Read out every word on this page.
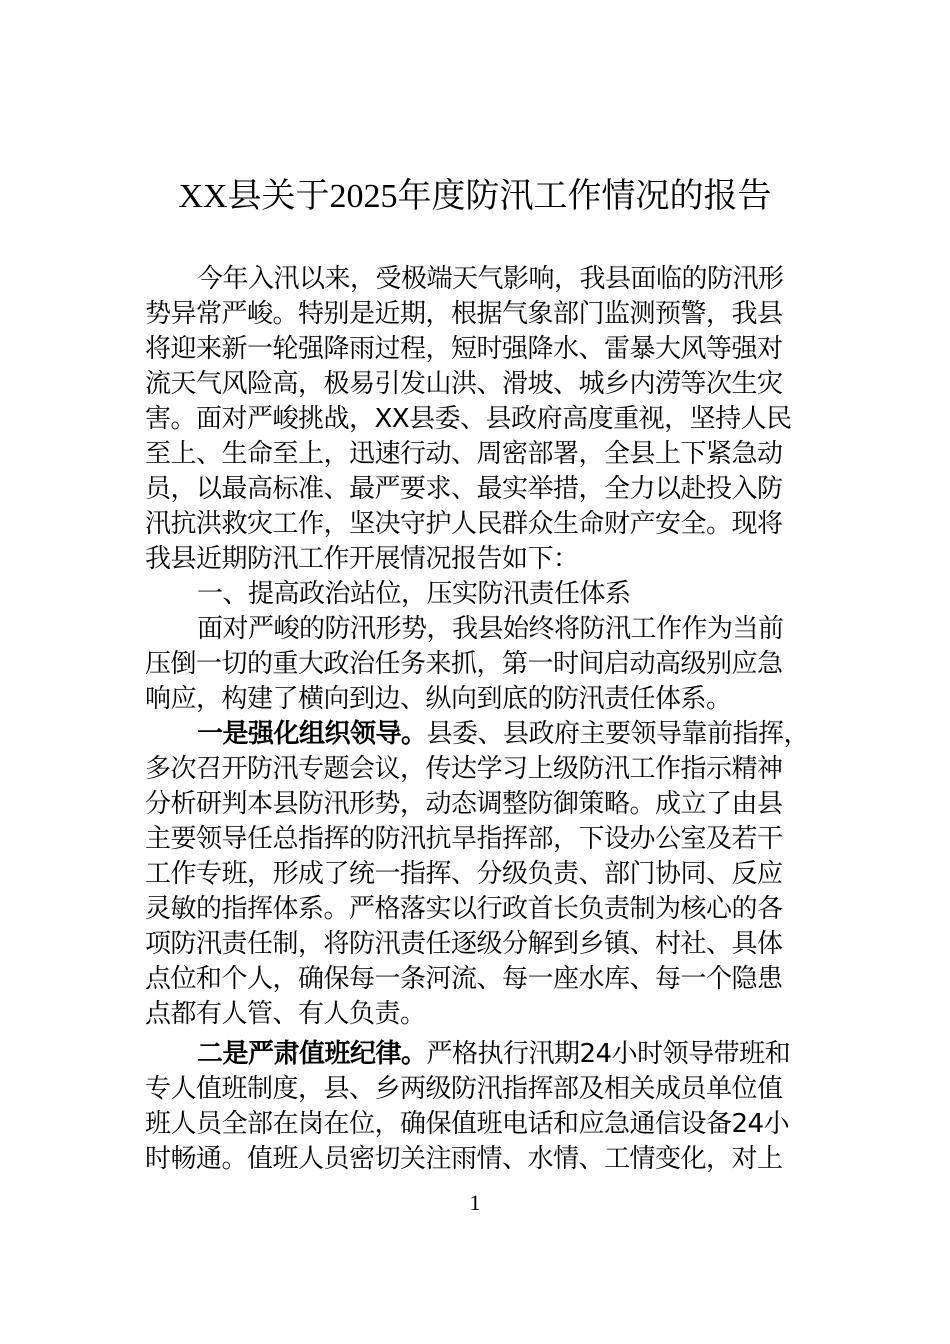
XX县关于2025年度防汛工作情况的报告
今年入汛以来，受极端天气影响，我县面临的防汛形
势异常严峻。特别是近期，根据气象部门监测预警，我县
将迎来新一轮强降雨过程，短时强降水、雷暴大风等强对
流天气风险高，极易引发山洪、滑坡、城乡内涝等次生灾
害。面对严峻挑战，XX县委、县政府高度重视，坚持人民
至上、生命至上，迅速行动、周密部署，全县上下紧急动
员，以最高标准、最严要求、最实举措，全力以赴投入防
汛抗洪救灾工作，坚决守护人民群众生命财产安全。现将
我县近期防汛工作开展情况报告如下：
一、提高政治站位，压实防汛责任体系
面对严峻的防汛形势，我县始终将防汛工作作为当前
压倒一切的重大政治任务来抓，第一时间启动高级别应急
响应，构建了横向到边、纵向到底的防汛责任体系。
一是强化组织领导。县委、县政府主要领导靠前指挥，
多次召开防汛专题会议，传达学习上级防汛工作指示精神
分析研判本县防汛形势，动态调整防御策略。成立了由县
主要领导任总指挥的防汛抗旱指挥部，下设办公室及若干
工作专班，形成了统一指挥、分级负责、部门协同、反应
灵敏的指挥体系。严格落实以行政首长负责制为核心的各
项防汛责任制，将防汛责任逐级分解到乡镇、村社、具体
点位和个人，确保每一条河流、每一座水库、每一个隐患
点都有人管、有人负责。
二是严肃值班纪律。严格执行汛期24小时领导带班和
专人值班制度，县、乡两级防汛指挥部及相关成员单位值
班人员全部在岗在位，确保值班电话和应急通信设备24小
时畅通。值班人员密切关注雨情、水情、工情变化，对上
1
